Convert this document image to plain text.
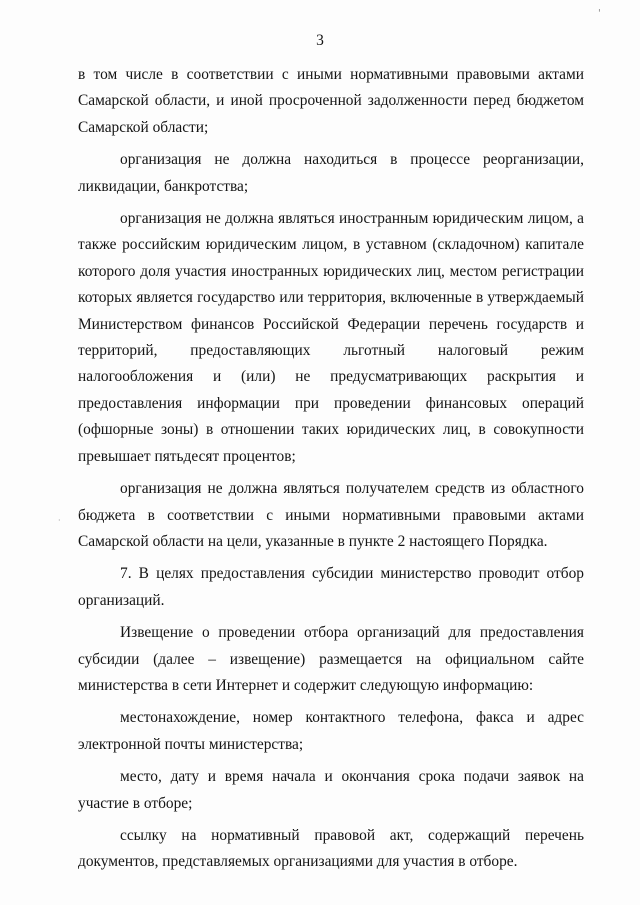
'
·
3

в том числе в соответствии с иными нормативными правовыми актами Самарской области, и иной просроченной задолженности перед бюджетом Самарской области;

организация не должна находиться в процессе реорганизации, ликвидации, банкротства;

организация не должна являться иностранным юридическим лицом, а также российским юридическим лицом, в уставном (складочном) капитале которого доля участия иностранных юридических лиц, местом регистрации которых является государство или территория, включенные в утверждаемый Министерством финансов Российской Федерации перечень государств и территорий, предоставляющих льготный налоговый режим налогообложения и (или) не предусматривающих раскрытия и предоставления информации при проведении финансовых операций (офшорные зоны) в отношении таких юридических лиц, в совокупности превышает пятьдесят процентов;

организация не должна являться получателем средств из областного бюджета в соответствии с иными нормативными правовыми актами Самарской области на цели, указанные в пункте 2 настоящего Порядка.

7. В целях предоставления субсидии министерство проводит отбор организаций.

Извещение о проведении отбора организаций для предоставления субсидии (далее – извещение) размещается на официальном сайте министерства в сети Интернет и содержит следующую информацию:

местонахождение, номер контактного телефона, факса и адрес электронной почты министерства;

место, дату и время начала и окончания срока подачи заявок на участие в отборе;

ссылку на нормативный правовой акт, содержащий перечень документов, представляемых организациями для участия в отборе.
